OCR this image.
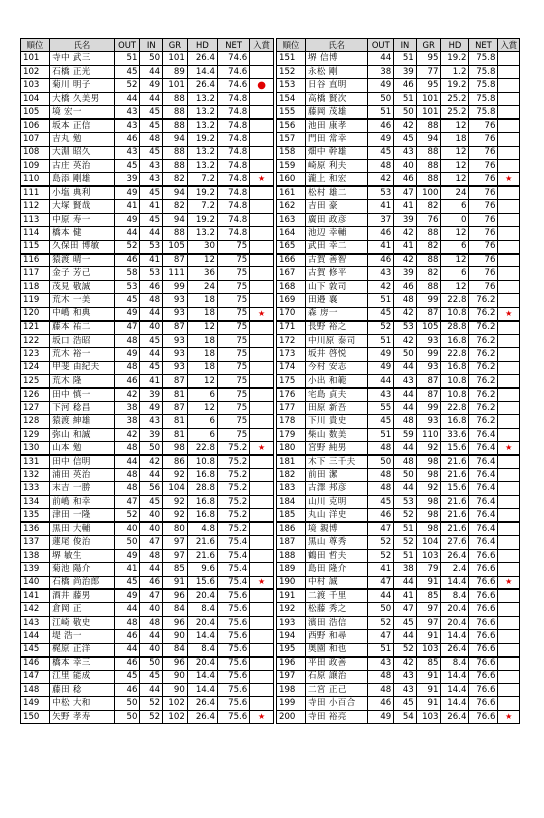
順位	氏名	OUT	IN	GR	HD	NET	入賞
101	寺中 武三	51	50	101	26.4	74.6	
102	石橋 正光	45	44	89	14.4	74.6	
103	菊川 明子	52	49	101	26.4	74.6	●
104	大橋 久美男	44	44	88	13.2	74.8	
105	境 宏一	43	45	88	13.2	74.8	
106	坂本 正信	43	45	88	13.2	74.8	
107	吉丸 勉	46	48	94	19.2	74.8	
108	大淵 昭久	43	45	88	13.2	74.8	
109	古庄 英治	45	43	88	13.2	74.8	
110	島添 剛雄	39	43	82	7.2	74.8	★
111	小塩 典利	49	45	94	19.2	74.8	
112	大塚 賢哉	41	41	82	7.2	74.8	
113	中原 寿一	49	45	94	19.2	74.8	
114	橋本 健	44	44	88	13.2	74.8	
115	久保田 博敏	52	53	105	30	75	
116	猿渡 晴一	46	41	87	12	75	
117	金子 芳己	58	53	111	36	75	
118	茂見 敬誠	53	46	99	24	75	
119	荒木 一美	45	48	93	18	75	
120	中嶋 和典	49	44	93	18	75	★
121	藤本 祐二	47	40	87	12	75	
122	坂口 浩昭	48	45	93	18	75	
123	荒木 裕一	49	44	93	18	75	
124	甲斐 由紀夫	48	45	93	18	75	
125	荒木 隆	46	41	87	12	75	
126	田中 慎一	42	39	81	6	75	
127	下河 稔昌	38	49	87	12	75	
128	猿渡 紳雄	38	43	81	6	75	
129	弥山 和誠	42	39	81	6	75	
130	山本 勉	48	50	98	22.8	75.2	★
131	田中 信明	44	42	86	10.8	75.2	
132	浦田 英治	48	44	92	16.8	75.2	
133	末吉 一勝	48	56	104	28.8	75.2	
134	前嶋 和幸	47	45	92	16.8	75.2	
135	津田 一隆	52	40	92	16.8	75.2	
136	黒田 大輔	40	40	80	4.8	75.2	
137	蓮尾 俊治	50	47	97	21.6	75.4	
138	堺 敏生	49	48	97	21.6	75.4	
139	菊池 陽介	41	44	85	9.6	75.4	
140	石橋 尚治郎	45	46	91	15.6	75.4	★
141	酒井 藤男	49	47	96	20.4	75.6	
142	倉岡 正	44	40	84	8.4	75.6	
143	江崎 敬史	48	48	96	20.4	75.6	
144	堤 浩一	46	44	90	14.4	75.6	
145	梶原 正洋	44	40	84	8.4	75.6	
146	橋本 幸三	46	50	96	20.4	75.6	
147	江里 能成	45	45	90	14.4	75.6	
148	藤田 稔	46	44	90	14.4	75.6	
149	中松 大和	50	52	102	26.4	75.6	
150	矢野 孝寿	50	52	102	26.4	75.6	★
順位	氏名	OUT	IN	GR	HD	NET	入賞
151	堺 信博	44	51	95	19.2	75.8	
152	永松 剛	38	39	77	1.2	75.8	
153	日谷 直明	49	46	95	19.2	75.8	
154	高橋 賢次	50	51	101	25.2	75.8	
155	藤岡 茂雄	51	50	101	25.2	75.8	
156	池田 康孝	46	42	88	12	76	
157	門田 常幸	49	45	94	18	76	
158	畑中 幹雄	45	43	88	12	76	
159	崎原 利夫	48	40	88	12	76	
160	瀧上 和宏	42	46	88	12	76	★
161	松村 雄二	53	47	100	24	76	
162	吉田 豪	41	41	82	6	76	
163	廣田 政彦	37	39	76	0	76	
164	池辺 幸輔	46	42	88	12	76	
165	武田 幸二	41	41	82	6	76	
166	古賀 善智	46	42	88	12	76	
167	古賀 修平	43	39	82	6	76	
168	山下 敦司	42	46	88	12	76	
169	田邉 襄	51	48	99	22.8	76.2	
170	森 房一	45	42	87	10.8	76.2	★
171	長野 裕之	52	53	105	28.8	76.2	
172	中川原 泰司	51	42	93	16.8	76.2	
173	坂井 啓悦	49	50	99	22.8	76.2	
174	今村 安志	49	44	93	16.8	76.2	
175	小出 和範	44	43	87	10.8	76.2	
176	宅島 貞夫	43	44	87	10.8	76.2	
177	田原 新吾	55	44	99	22.8	76.2	
178	下川 貴史	45	48	93	16.8	76.2	
179	柴山 数美	51	59	110	33.6	76.4	
180	宮野 純男	48	44	92	15.6	76.4	★
181	木下 三千夫	50	48	98	21.6	76.4	
182	前田 潔	48	50	98	21.6	76.4	
183	古澤 邦彦	48	44	92	15.6	76.4	
184	山川 克明	45	53	98	21.6	76.4	
185	丸山 洋史	46	52	98	21.6	76.4	
186	境 親博	47	51	98	21.6	76.4	
187	黒山 尊秀	52	52	104	27.6	76.4	
188	鶴田 哲夫	52	51	103	26.4	76.6	
189	島田 隆介	41	38	79	2.4	76.6	
190	中村 誠	47	44	91	14.4	76.6	★
191	二渡 千里	44	41	85	8.4	76.6	
192	松藤 秀之	50	47	97	20.4	76.6	
193	濱田 浩信	52	45	97	20.4	76.6	
194	西野 和尋	47	44	91	14.4	76.6	
195	奥園 和也	51	52	103	26.4	76.6	
196	平田 政善	43	42	85	8.4	76.6	
197	石原 譲治	48	43	91	14.4	76.6	
198	二宮 正己	48	43	91	14.4	76.6	
199	寺田 小百合	46	45	91	14.4	76.6	
200	寺田 裕亮	49	54	103	26.4	76.6	★
